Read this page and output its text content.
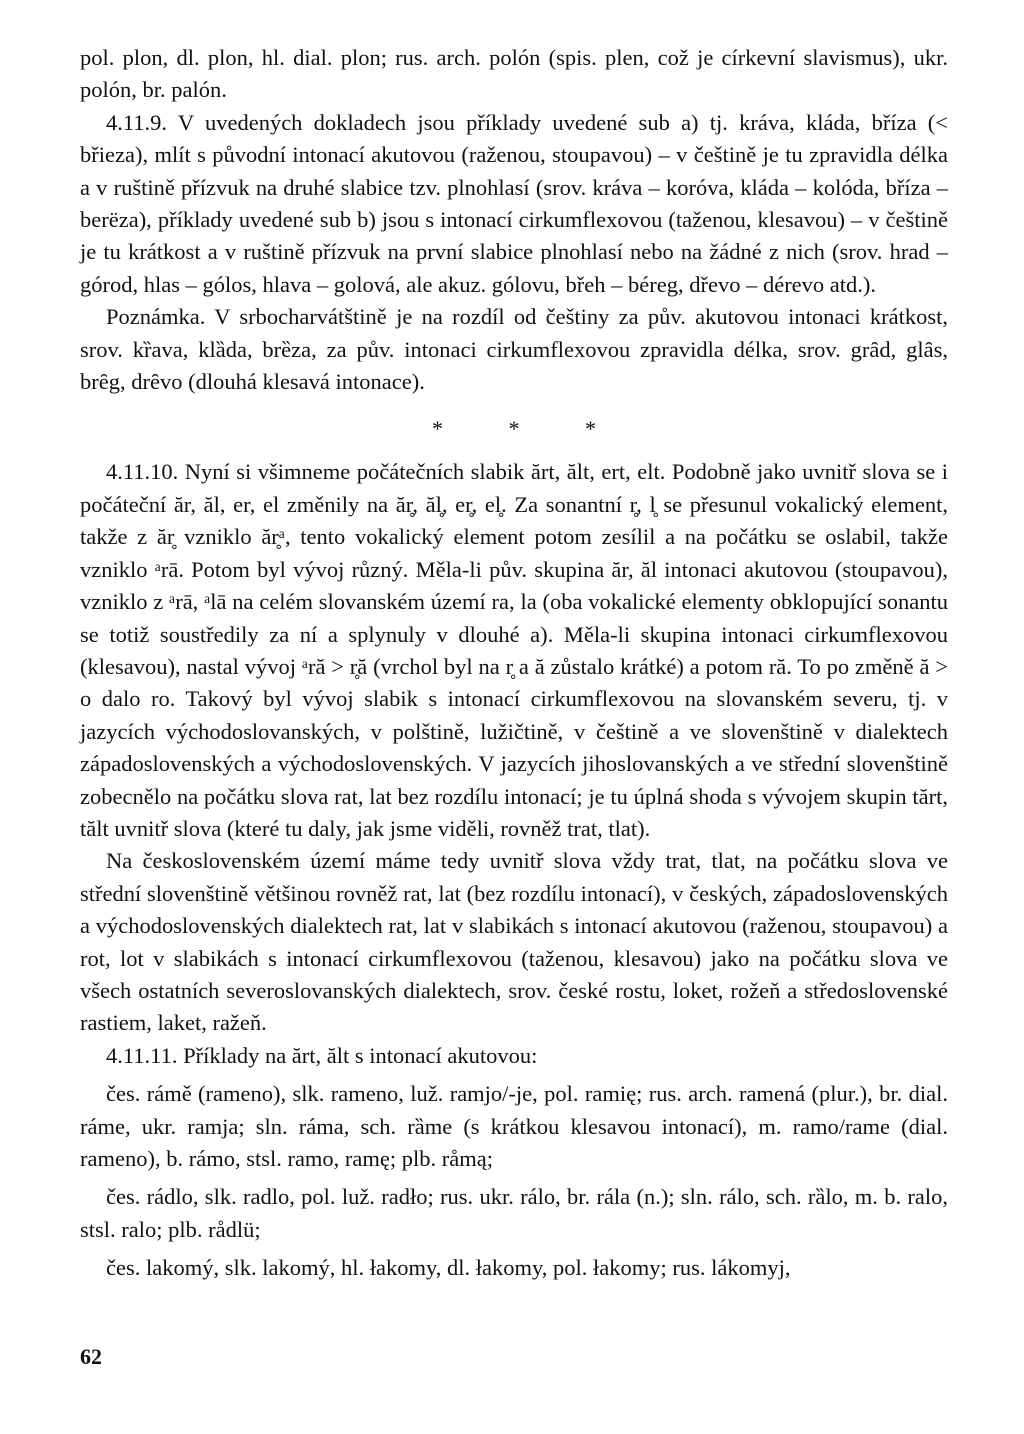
pol. plon, dl. plon, hl. dial. plon; rus. arch. polón (spis. plen, což je církevní slavismus), ukr. polón, br. palón.

4.11.9. V uvedených dokladech jsou příklady uvedené sub a) tj. kráva, kláda, bříza (< břieza), mlít s původní intonací akutovou (raženou, stoupavou) – v češtině je tu zpravidla délka a v ruštině přízvuk na druhé slabice tzv. plnohlasí (srov. kráva – koróva, kláda – kolóda, bříza – berëza), příklady uvedené sub b) jsou s intonací cirkumflexovou (taženou, klesavou) – v češtině je tu krátkost a v ruštině přízvuk na první slabice plnohlasí nebo na žádné z nich (srov. hrad – górod, hlas – gólos, hlava – golová, ale akuz. gólovu, břeh – béreg, dřevo – dérevo atd.).

Poznámka. V srbocharvátštině je na rozdíl od češtiny za pův. akutovou intonaci krátkost, srov. kȑava, klȁda, brȅza, za pův. intonaci cirkumflexovou zpravidla délka, srov. grȃd, glȃs, brȇg, drȇvo (dlouhá klesavá intonace).

* * *

4.11.10. Nyní si všimneme počátečních slabik ărt, ălt, ert, elt. Podobně jako uvnitř slova se i počáteční ăr, ăl, er, el změnily na ăr̥, ăl̥, er̥, el̥. Za sonantní r̥, l̥ se přesunul vokalický element, takže z ăr̥ vzniklo ăr̥ᵃ, tento vokalický element potom zesílil a na počátku se oslabil, takže vzniklo ᵃrā. Potom byl vývoj různý. Měla-li pův. skupina ăr, ăl intonaci akutovou (stoupavou), vzniklo z ᵃrā, ᵃlā na celém slovanském území ra, la (oba vokalické elementy obklopující sonantu se totiž soustředily za ní a splynuly v dlouhé a). Měla-li skupina intonaci cirkumflexovou (klesavou), nastal vývoj ᵃră > r̥ă (vrchol byl na r̥ a ă zůstalo krátké) a potom ră. To po změně ă > o dalo ro. Takový byl vývoj slabik s intonací cirkumflexovou na slovanském severu, tj. v jazycích východoslovanských, v polštině, lužičtině, v češtině a ve slovenštině v dialektech západoslovenských a východoslovenských. V jazycích jihoslovanských a ve střední slovenštině zobecnělo na počátku slova rat, lat bez rozdílu intonací; je tu úplná shoda s vývojem skupin tărt, tălt uvnitř slova (které tu daly, jak jsme viděli, rovněž trat, tlat).

Na československém území máme tedy uvnitř slova vždy trat, tlat, na počátku slova ve střední slovenštině většinou rovněž rat, lat (bez rozdílu intonací), v českých, západoslovenských a východoslovenských dialektech rat, lat v slabikách s intonací akutovou (raženou, stoupavou) a rot, lot v slabikách s intonací cirkumflexovou (taženou, klesavou) jako na počátku slova ve všech ostatních severoslovanských dialektech, srov. české rostu, loket, rožeň a středoslovenské rastiem, laket, ražeň.

4.11.11. Příklady na ărt, ălt s intonací akutovou:

čes. rámě (rameno), slk. rameno, luž. ramjo/-je, pol. ramię; rus. arch. ramená (plur.), br. dial. ráme, ukr. ramja; sln. ráma, sch. rȁme (s krátkou klesavou intonací), m. ramo/rame (dial. rameno), b. rámo, stsl. ramo, ramę; plb. råmą;

čes. rádlo, slk. radlo, pol. luž. radło; rus. ukr. rálo, br. rála (n.); sln. rálo, sch. rȁlo, m. b. ralo, stsl. ralo; plb. rådlü;

čes. lakomý, slk. lakomý, hl. łakomy, dl. łakomy, pol. łakomy; rus. lákomyj,

62
